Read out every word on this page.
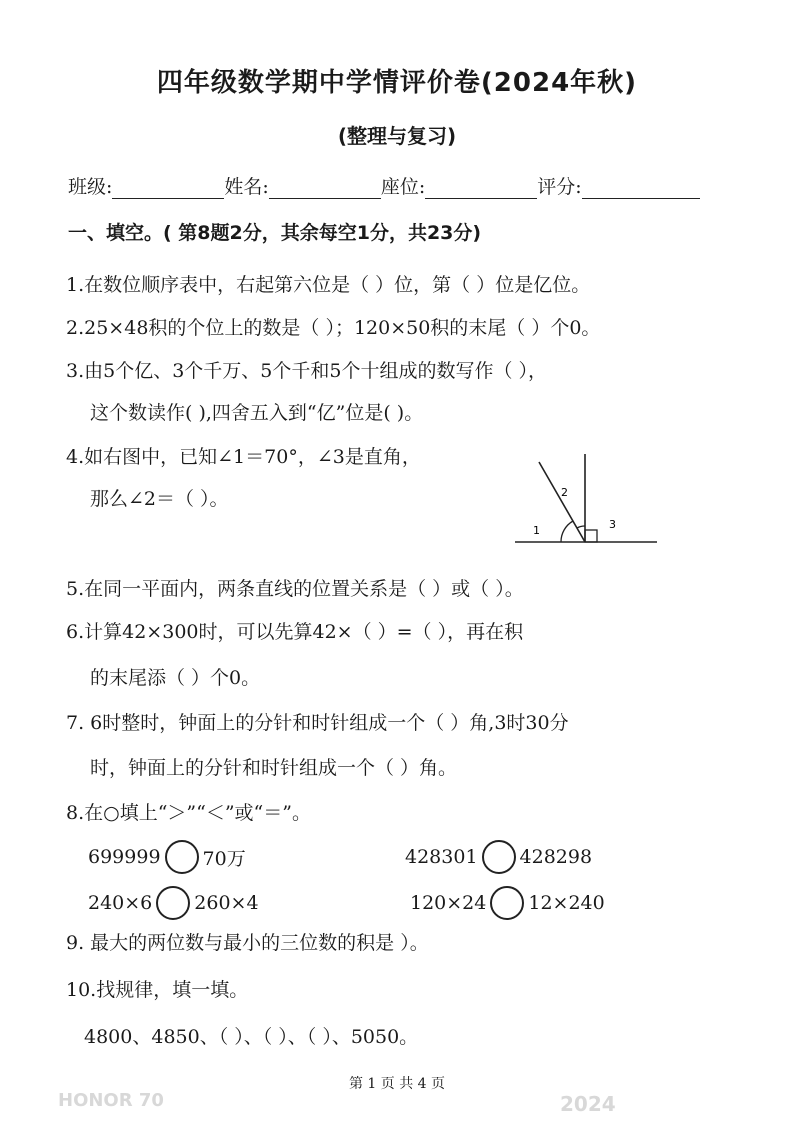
四年级数学期中学情评价卷(2024年秋)
(整理与复习)
班级:	姓名:	座位:	评分:
一、填空。( 第8题2分，其余每空1分，共23分)
1.在数位顺序表中，右起第六位是（ ）位，第（ ）位是亿位。
2.25×48积的个位上的数是（ ）；120×50积的末尾（ ）个0。
3.由5个亿、3个千万、5个千和5个十组成的数写作（ ），
这个数读作( ),四舍五入到“亿”位是( )。
4.如右图中，已知∠1＝70°，∠3是直角，
那么∠2＝（ ）。
1
2
3
5.在同一平面内，两条直线的位置关系是（ ）或（ ）。
6.计算42×300时，可以先算42×（ ）=（ ），再在积
的末尾添（ ）个0。
7. 6时整时，钟面上的分针和时针组成一个（ ）角,3时30分
时，钟面上的分针和时针组成一个（ ）角。
8.在○填上“＞”“＜”或“＝”。
699999 70万	428301 428298
240×6 260×4	120×24 12×240
9. 最大的两位数与最小的三位数的积是 ）。
10.找规律，填一填。
4800、4850、（ ）、（ ）、（ ）、5050。
第 1 页 共 4 页
HONOR 70	2024
